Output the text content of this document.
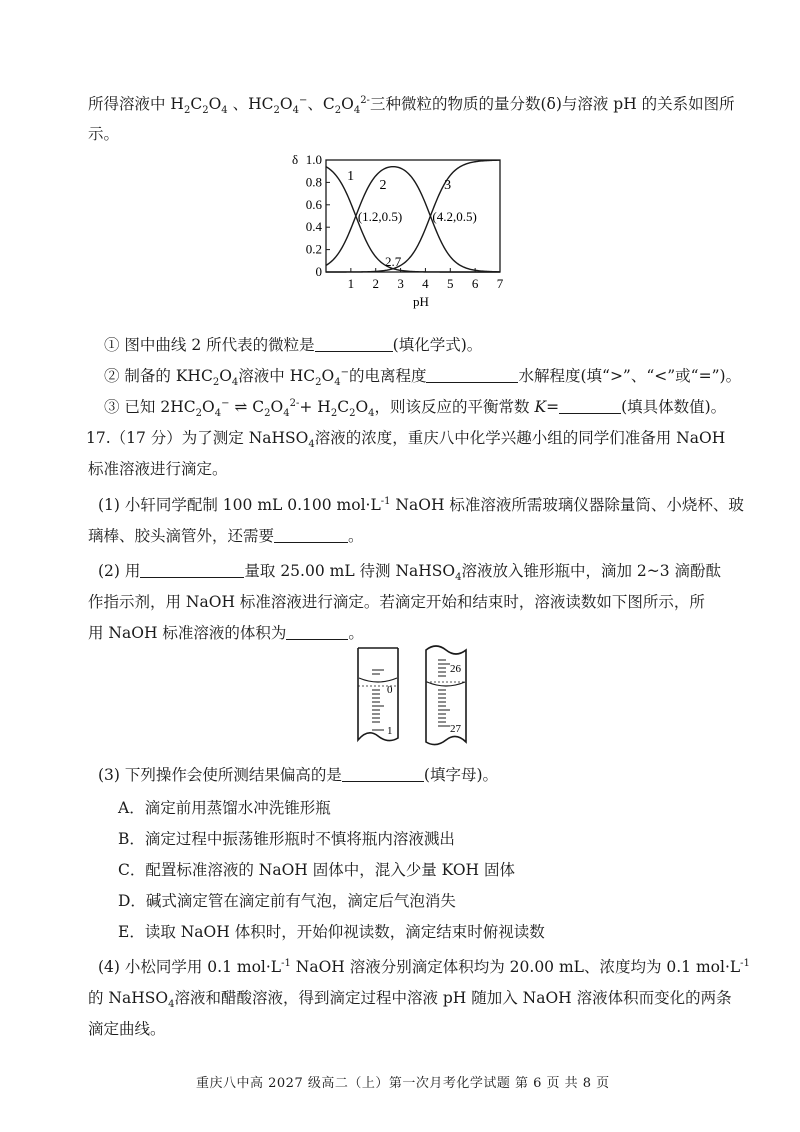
所得溶液中 $H_2C_2O_4$ 、$HC_2O_4^-$、$C_2O_4^{2-}$三种微粒的物质的量分数(δ)与溶液 pH 的关系如图所
示。
0
0.2
0.4
0.6
0.8
1.0
δ
1 2 3 4 5 6 7
pH
1
2	3
(1.2,0.5) (4.2,0.5)
2.7
① 图中曲线 2 所代表的微粒是	(填化学式)。
② 制备的 $KHC_2O_4$溶液中 $HC_2O_4^-$的电离程度	水解程度(填“>”、“<”或“=”)。
③ 已知 $2HC_2O_4^-$ ⇌ $C_2O_4^{2-}+ H_2C_2O_4$，则该反应的平衡常数 K=	(填具体数值)。
17.（17 分）为了测定 NaHSO$_4$溶液的浓度，重庆八中化学兴趣小组的同学们准备用 NaOH
标准溶液进行滴定。
(1) 小轩同学配制 100 mL 0.100 $mol\cdot L^{-1}$ NaOH 标准溶液所需玻璃仪器除量筒、小烧杯、玻
璃棒、胶头滴管外，还需要	。
(2) 用	量取 25.00 mL 待测 NaHSO$_4$溶液放入锥形瓶中，滴加 2~3 滴酚酞
作指示剂，用 NaOH 标准溶液进行滴定。若滴定开始和结束时，溶液读数如下图所示，所
用 NaOH 标准溶液的体积为	。
0
1
26
27
(3) 下列操作会使所测结果偏高的是	(填字母)。
A．滴定前用蒸馏水冲洗锥形瓶
B．滴定过程中振荡锥形瓶时不慎将瓶内溶液溅出
C．配置标准溶液的 NaOH 固体中，混入少量 KOH 固体
D．碱式滴定管在滴定前有气泡，滴定后气泡消失
E．读取 NaOH 体积时，开始仰视读数，滴定结束时俯视读数
(4) 小松同学用 0.1 $mol\cdot L^{-1}$ NaOH 溶液分别滴定体积均为 20.00 mL、浓度均为 0.1 $mol\cdot L^{-1}$
的 NaHSO$_4$溶液和醋酸溶液，得到滴定过程中溶液 pH 随加入 NaOH 溶液体积而变化的两条
滴定曲线。
重庆八中高 2027 级高二（上）第一次月考化学试题 第 6 页 共 8 页
